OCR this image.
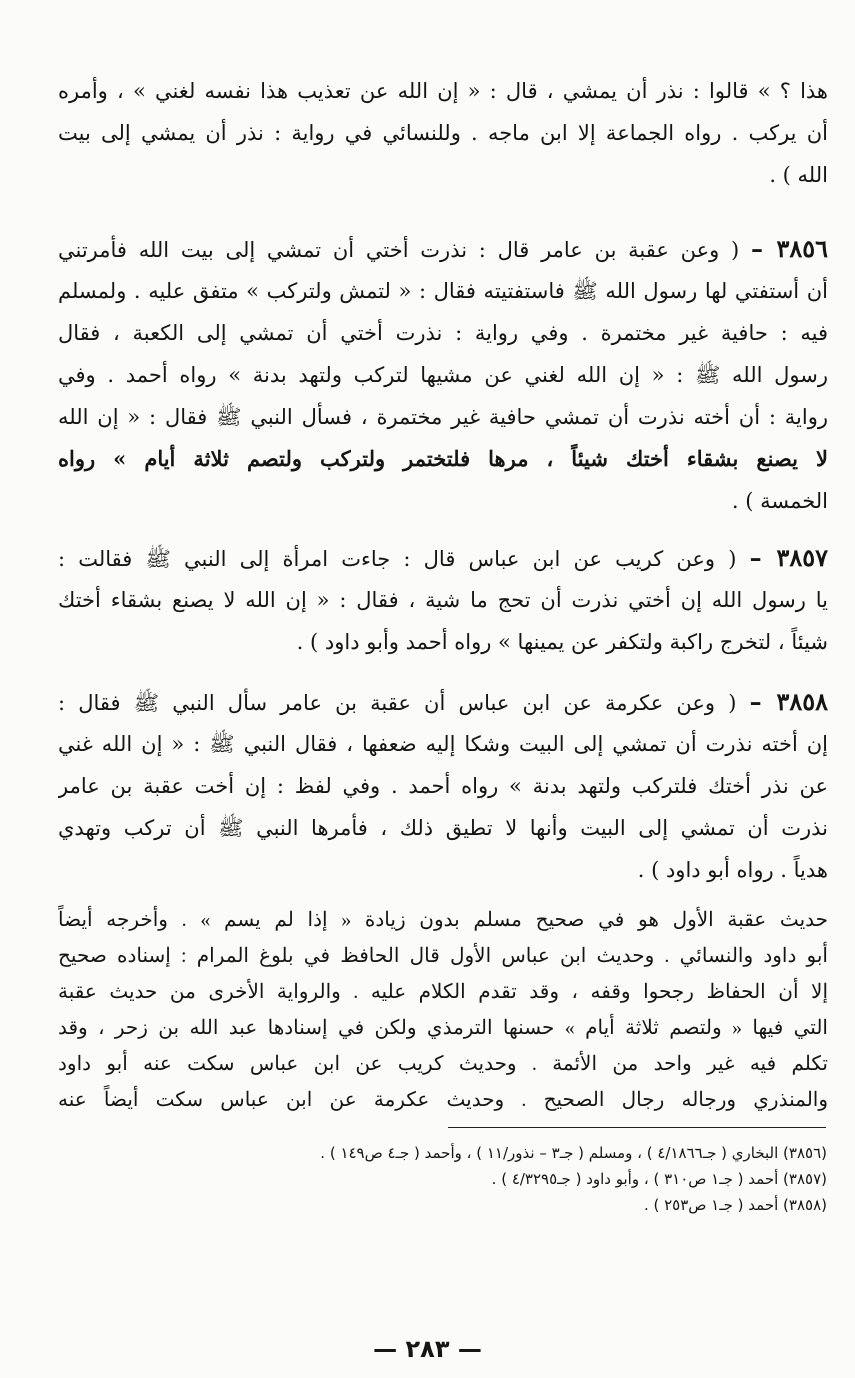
هذا ؟ » قالوا : نذر أن يمشي ، قال : « إن الله عن تعذيب هذا نفسه لغني » ، وأمره
أن يركب . رواه الجماعة إلا ابن ماجه . وللنسائي في رواية : نذر أن يمشي إلى بيت
الله ) .
٣٨٥٦ – ( وعن عقبة بن عامر قال : نذرت أختي أن تمشي إلى بيت الله فأمرتني
أن أستفتي لها رسول الله ﷺ فاستفتيته فقال : « لتمش ولتركب » متفق عليه . ولمسلم
فيه : حافية غير مختمرة . وفي رواية : نذرت أختي أن تمشي إلى الكعبة ، فقال
رسول الله ﷺ : « إن الله لغني عن مشيها لتركب ولتهد بدنة » رواه أحمد . وفي
رواية : أن أخته نذرت أن تمشي حافية غير مختمرة ، فسأل النبي ﷺ فقال : « إن الله
لا يصنع بشقاء أختك شيئاً ، مرها فلتختمر ولتركب ولتصم ثلاثة أيام » رواه
الخمسة ) .
٣٨٥٧ – ( وعن كريب عن ابن عباس قال : جاءت امرأة إلى النبي ﷺ فقالت :
يا رسول الله إن أختي نذرت أن تحج ما شية ، فقال : « إن الله لا يصنع بشقاء أختك
شيئاً ، لتخرج راكبة ولتكفر عن يمينها » رواه أحمد وأبو داود ) .
٣٨٥٨ – ( وعن عكرمة عن ابن عباس أن عقبة بن عامر سأل النبي ﷺ فقال :
إن أخته نذرت أن تمشي إلى البيت وشكا إليه ضعفها ، فقال النبي ﷺ : « إن الله غني
عن نذر أختك فلتركب ولتهد بدنة » رواه أحمد . وفي لفظ : إن أخت عقبة بن عامر
نذرت أن تمشي إلى البيت وأنها لا تطيق ذلك ، فأمرها النبي ﷺ أن تركب وتهدي
هدياً . رواه أبو داود ) .
حديث عقبة الأول هو في صحيح مسلم بدون زيادة « إذا لم يسم » . وأخرجه أيضاً
أبو داود والنسائي . وحديث ابن عباس الأول قال الحافظ في بلوغ المرام : إسناده صحيح
إلا أن الحفاظ رجحوا وقفه ، وقد تقدم الكلام عليه . والرواية الأخرى من حديث عقبة
التي فيها « ولتصم ثلاثة أيام » حسنها الترمذي ولكن في إسنادها عبد الله بن زحر ، وقد
تكلم فيه غير واحد من الأئمة . وحديث كريب عن ابن عباس سكت عنه أبو داود
والمنذري ورجاله رجال الصحيح . وحديث عكرمة عن ابن عباس سكت أيضاً عنه
(٣٨٥٦) البخاري ( جـ٤/١٨٦٦ ) ، ومسلم ( جـ٣ – نذور/١١ ) ، وأحمد ( جـ٤ ص١٤٩ ) .
(٣٨٥٧) أحمد ( جـ١ ص٣١٠ ) ، وأبو داود ( جـ٤/٣٢٩٥ ) .
(٣٨٥٨) أحمد ( جـ١ ص٢٥٣ ) .
— ٢٨٣ —
